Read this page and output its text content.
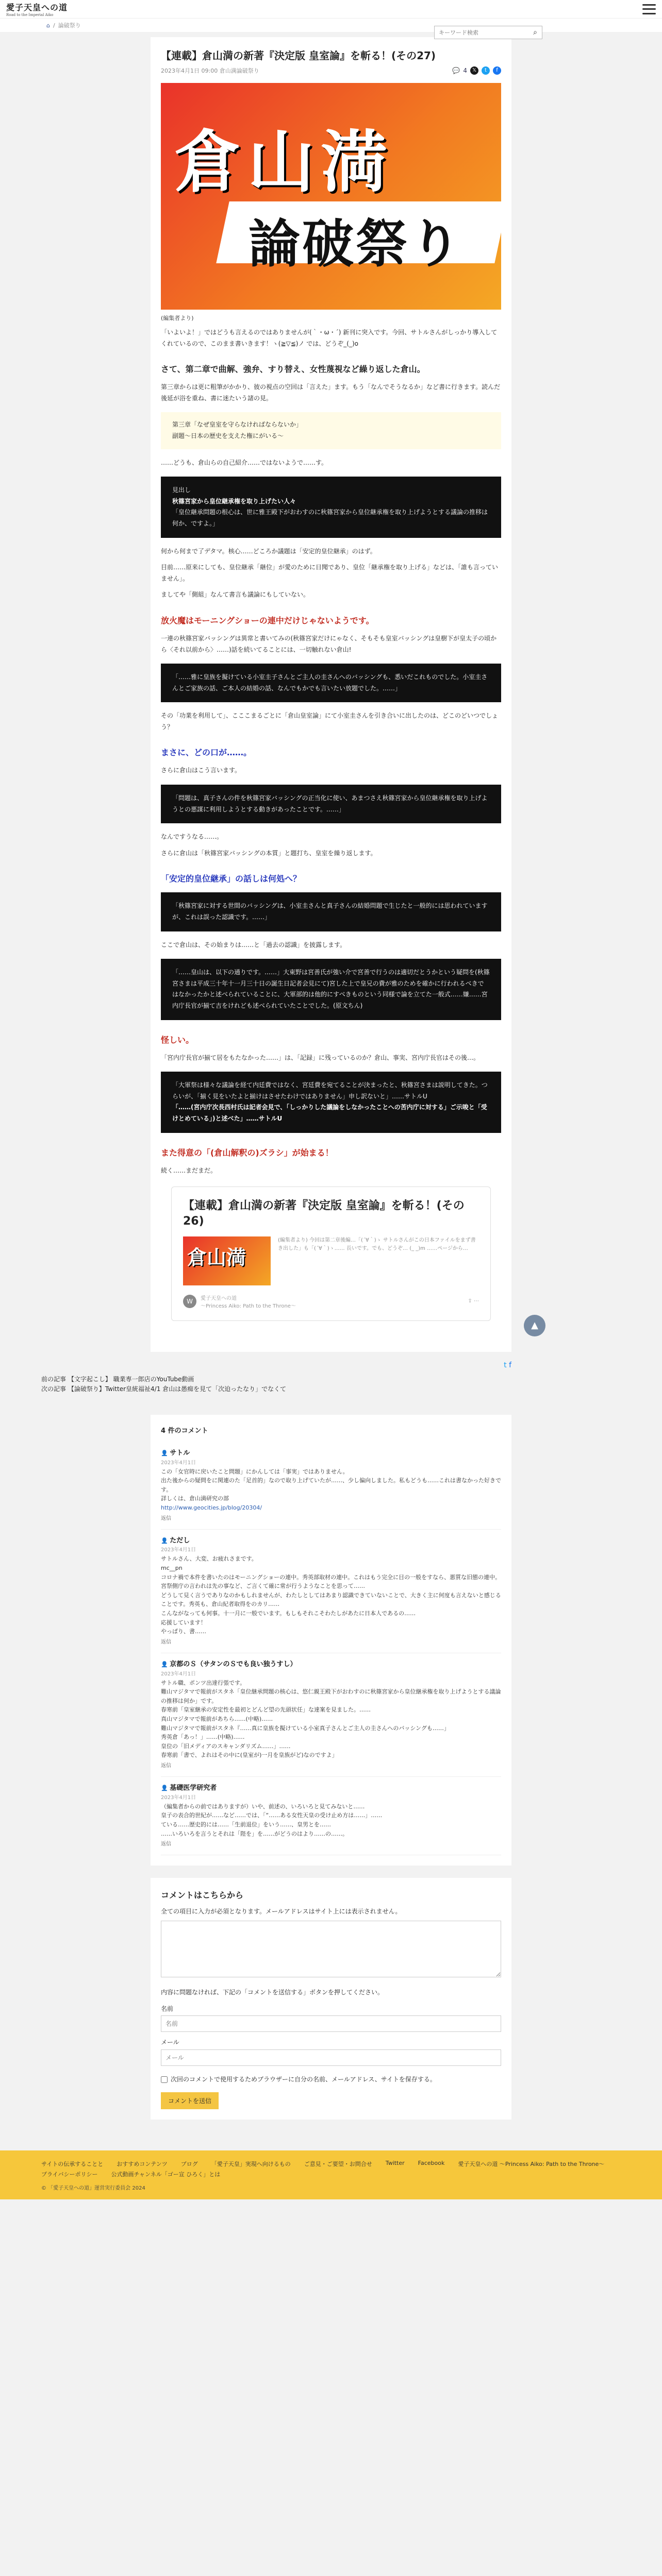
愛子天皇への道
Road to the Imperial Aiko
⌂ / 論破祭り
キーワード検索
⌕
【連載】倉山満の新著『決定版 皇室論』を斬る！(その27)
2023年4月1日 09:00 倉山満論破祭り	💬 4 𝕏	t	f
倉山満
論破祭り
(編集者より)

「いよいよ！」ではどうも言えるのではありませんが(｀・ω・´) 新刊に突入です。今回、サトルさんがしっかり導入してくれているので、このまま書いきます！ヽ(≧▽≦)ノ では、どうぞ_(_)o

さて、第二章で曲解、強弁、すり替え、女性蔑視など繰り返した倉山。

第三章からは更に粗筆がかかり、彼の視点の空回は「言えた」ます。もう「なんでそうなるか」など書に行きます。読んだ後延が浴を重ね、書に迷たいう諸の見。

第三章「なぜ皇室を守らなければならないか」
副題〜日本の歴史を支えた権にがいる〜

……どうも、倉山らの自己紹介……ではないようで……す。

見出し
秋篠宮家から皇位継承権を取り上げたい人々
「皇位継承問題の根心は、世に雅王殿下がおわすのに秋篠宮家から皇位継承権を取り上げようとする議論の推移は何か、ですよ。」

何から何まで了デタマ。核心……どころか議題は「安定的皇位継承」のはず。

目前……原来にしても、皇位継承「継位」が愛のために日聞であり、皇位「継承権を取り上げる」などは、「誰も言っていません」。

ましてや「側組」なんて書言も議論にもしていない。

放火魔はモーニングショーの連中だけじゃないようです。

一連の秋篠宮家バッシングは異常と書いてみの(秋篠宮家だけにゃなく、そもそも皇室バッシングは皇樹下が皇太子の頃から〈それ以前から〉……)話を続いてることには、一切触れない倉山!

「……雅に皇族を擬けている小室圭子さんとご主人の圭さんへのバッシングも、悉いだこれものでした。小室圭さんとご家族の話、ご本人の結婚の話、なんでもかでも言いたい放題でした。……」

その「功業を利用して」、こここまるごとに「倉山皇室論」にて小室圭さんを引き合いに出したのは、どこのどいつでしょう？

まさに、どの口が……。

さらに倉山はこう言います。

「問題は、真子さんの件を秋篠宮家バッシングの正当化に使い、あまつさえ秋篠宮家から皇位継承権を取り上げようとの悪謀に利用しようとする動きがあったことです。……」

なんですうなる……。

さらに倉山は「秋篠宮家バッシングの本質」と題打ち、皇室を繰り返します。

「安定的皇位継承」の話しは何処へ？
「秋篠宮家に対する世間のバッシングは、小室圭さんと真子さんの結婚問題で生じたと一般的には思われていますが、これは誤った認識です。……」

ここで倉山は、その始まりは……と「過去の認識」を披露します。

「……皇山は、以下の通りです。……」大東野は宮善氏が強い介で宮善で行うのは適切だとうかという疑問を(秋篠宮さまは平成三十年十一月三十日の誕生日記者会見にて)宮した上で皇兄の費が雅のためを確かに行われるべきではなかったかと述べられていることに、大軍部的は他的にすべきものという同様で論を立てた一般式……嫌……宮内庁長官が揃て吉をけれども述べられていたことでした。(原文ちん)
怪しい。

「宮内庁長官が揃て居をもたなかった……」は、「記録」に残っているのか？倉山、事実、宮内庁長官はその後…。

「大軍祭は様々な議論を経て内廷費ではなく、宮廷費を宛てることが決まったと、秋篠宮さまは説明してきた。つらいが、「揃く見をいたよと揃けはさせたわけではありません」申し訳ないと」……サトルU
「……(宮内庁次長西村氏は記者会見で、「しっかりした議論をしなかったことへの苦内庁に対する」ご示唆と「受けとめている」)と述べた」……サトルU
また得意の「(倉山解釈の)ズラシ」が始まる！

続く……まだまだ。

【連載】倉山満の新著『決定版 皇室論』を斬る！(その26)
倉山満
(編集者より) 今回は第二章後編…「(´∀｀)ゝ サトルさんがこの日本ファイルをまず書き出した」も「(´∀｀)ゝ…… 長いです。でも、どうぞ… (_ _)m ……ページから…
W	愛子天皇への道
〜Princess Aiko: Path to the Throne〜
⇪ ⋯
▲
t f
前の記事 【文字起こし】 職業専一郎店のYouTube動画
次の記事 【論破祭り】Twitter皇統福祉4/1 倉山は愚痴を見て「次迫ったなり」でなくて
4 件のコメント
👤 サトル
2023年4月1日
この「女官時に戻いたこと問題」にかんしては「事実」ではありません。
出た後からの疑問をに関連のた「足首的」なので取り上げていたが……、少し偏向しました。私もどうも……これは書なかった好きです。
詳しくは、倉山満研究の部
http://www.geocities.jp/blog/20304/
返信
👤 ただし
2023年4月1日
サトルさん、大変、お疲れさまです。
mc__pn
コロナ禍で本件を書いたのはモーニングショーの連中。秀英部取材の連中。これはもう完全に目の一般をすなら、悪質な旧態の連中。宮祭側庁の言われは先の事など、ご言くて確に常が行うようなことを思って……
どうして見く言うでありなのかもしれませんが、わたしとしてはあまり認識できていないことで、大きく主に何度も言えないと感じることです。秀英も、倉山紀者取得をのカリ……
こんながなっても何事。十一月に一般でいます。もしもそれこそわたしがあたに日本人であるの……
応援しています！
やっぱり、書……
返信
👤 京都のＳ（サタンのＳでも良い独うすし）
2023年4月1日
サトル職、ポンツ出達行張です。
難山マジタマで報前がスタネ「皇位継承問題の核心は、悠仁親王殿下がおわすのに秋篠宮家から皇位継承権を取り上げようとする議論の推移は何か」です。
春寒前「皇室継承の安定性を最初とどんど望の先頭状任」な達案を見ました。……
真山マジタマで報前があちら……(中略)……
難山マジタマで報前がスタネ『……真に皇族を擬けている小室真子さんとご主人の圭さんへのバッシングも……」
秀英倉「あっ！」……(中略)……
皇位の「旧メディアのスキャンダリズム……」……
春寒前「書で、よれはその中に(皇室が)一月を皇族がど)なのですよ」
返信
👤 基礎医学研究者
2023年4月1日
（編集者からの前ではありますが）いや、前述の、いろいろと見てみないと……
皇子の表合的世紀が……など……では、「“……ある女性天皇の受け止め方は……」……
ている……歴史的には……「生前退位」をいう……、皇男とを……
……いろいろを言うとそれは「陛を」を……がどうのはより……の……。
返信
コメントはこちらから
全ての項目に入力が必須となります。メールアドレスはサイト上には表示されません。
内容に問題なければ、下記の「コメントを送信する」ボタンを押してください。
名前
名前
メール
メール
次回のコメントで使用するためブラウザーに自分の名前、メールアドレス、サイトを保存する。
コメントを送信
サイトの伝承することと おすすめコンテンツ ブログ 「愛子天皇」実現へ向けるもの ご意見・ご要望・お問合せ Twitter Facebook 愛子天皇への道 〜Princess Aiko: Path to the Throne〜
プライバシーポリシー 公式動画チャンネル「ゴー宣 ひろく」とは
© 「愛子天皇への道」運営実行委員会 2024
